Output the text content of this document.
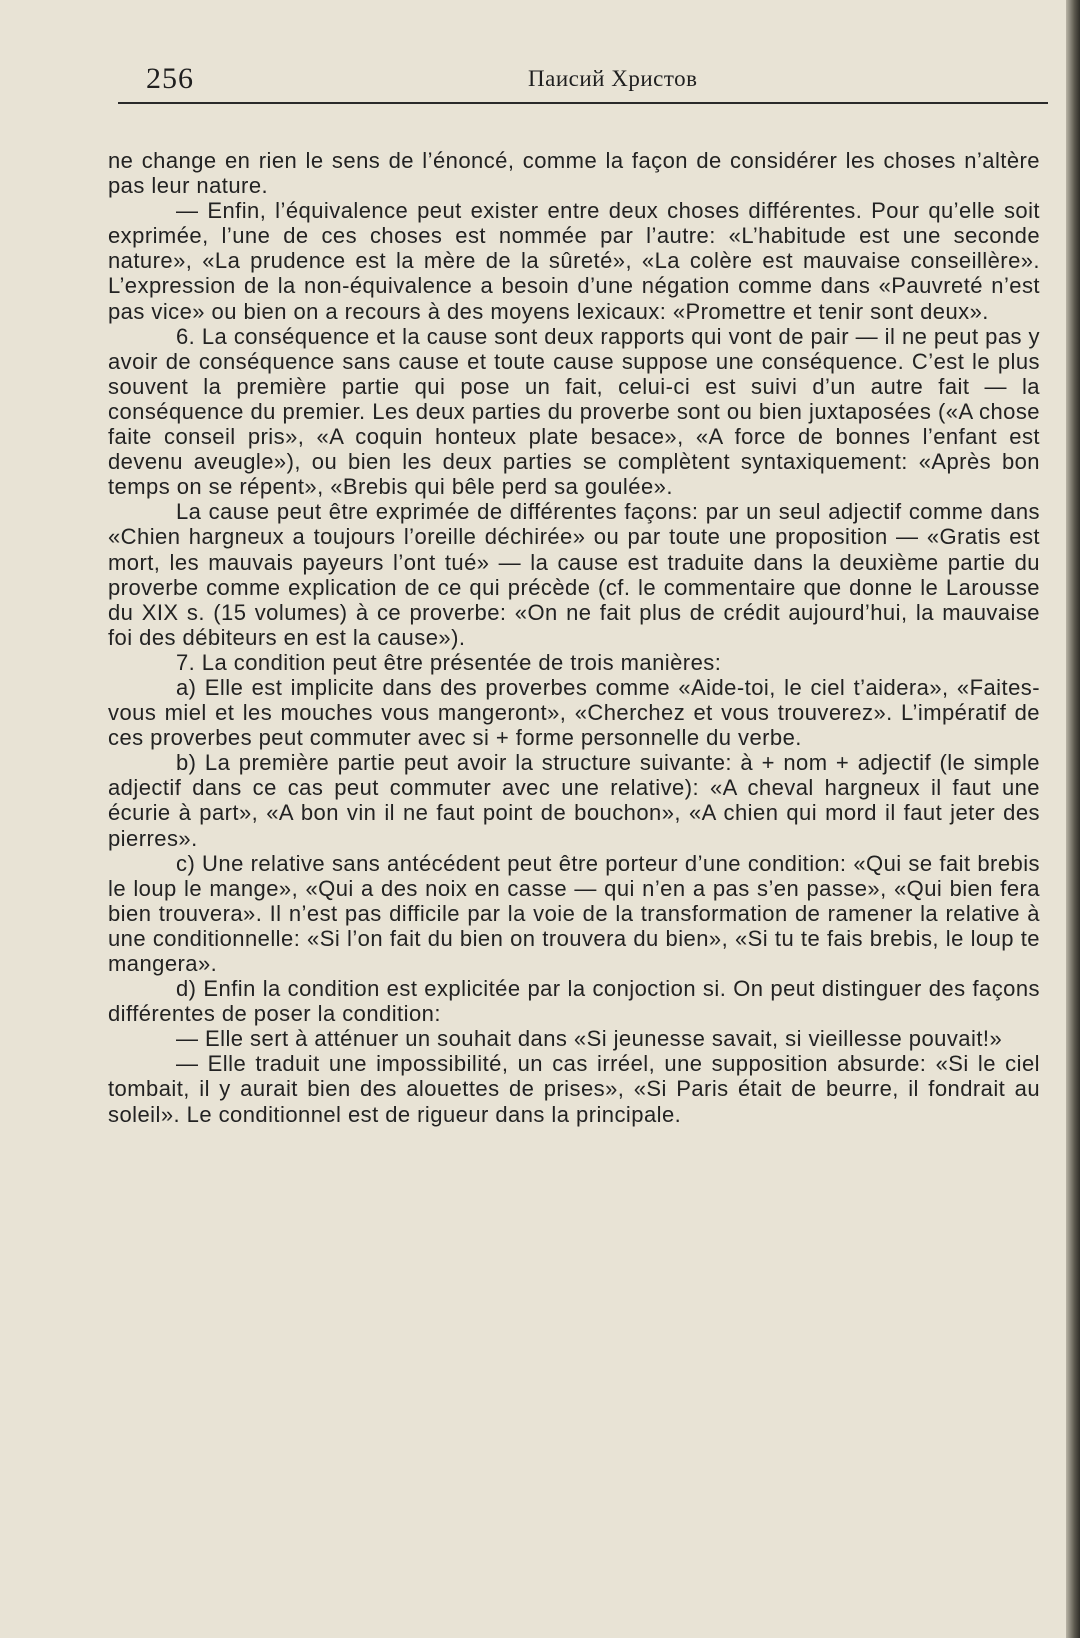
256	Паисий Христов

ne change en rien le sens de l’énoncé, comme la façon de considérer les choses n’altère pas leur nature.

— Enfin, l’équivalence peut exister entre deux choses différentes. Pour qu’elle soit exprimée, l’une de ces choses est nommée par l’autre: «L’habitude est une seconde nature», «La prudence est la mère de la sûreté», «La colère est mauvaise conseillère». L’expression de la non-équivalence a besoin d’une négation comme dans «Pauvreté n’est pas vice» ou bien on a recours à des moyens lexicaux: «Promettre et tenir sont deux».

6. La conséquence et la cause sont deux rapports qui vont de pair — il ne peut pas y avoir de conséquence sans cause et toute cause suppose une conséquence. C’est le plus souvent la première partie qui pose un fait, celui-ci est suivi d’un autre fait — la conséquence du premier. Les deux parties du proverbe sont ou bien juxtaposées («A chose faite conseil pris», «A coquin honteux plate besace», «A force de bonnes l’enfant est devenu aveugle»), ou bien les deux parties se complètent syntaxiquement: «Après bon temps on se répent», «Brebis qui bêle perd sa goulée».

La cause peut être exprimée de différentes façons: par un seul adjectif comme dans «Chien hargneux a toujours l’oreille déchirée» ou par toute une proposition — «Gratis est mort, les mauvais payeurs l’ont tué» — la cause est traduite dans la deuxième partie du proverbe comme explication de ce qui précède (cf. le commentaire que donne le Larousse du XIX s. (15 volumes) à ce proverbe: «On ne fait plus de crédit aujourd’hui, la mauvaise foi des débiteurs en est la cause»).

7. La condition peut être présentée de trois manières:

a) Elle est implicite dans des proverbes comme «Aide-toi, le ciel t’aidera», «Faites-vous miel et les mouches vous mangeront», «Cherchez et vous trouverez». L’impératif de ces proverbes peut commuter avec si + forme personnelle du verbe.

b) La première partie peut avoir la structure suivante: à + nom + adjectif (le simple adjectif dans ce cas peut commuter avec une relative): «A cheval hargneux il faut une écurie à part», «A bon vin il ne faut point de bouchon», «A chien qui mord il faut jeter des pierres».

c) Une relative sans antécédent peut être porteur d’une condition: «Qui se fait brebis le loup le mange», «Qui a des noix en casse — qui n’en a pas s’en passe», «Qui bien fera bien trouvera». Il n’est pas difficile par la voie de la transformation de ramener la relative à une conditionnelle: «Si l’on fait du bien on trouvera du bien», «Si tu te fais brebis, le loup te mangera».

d) Enfin la condition est explicitée par la conjoction si. On peut distinguer des façons différentes de poser la condition:

— Elle sert à atténuer un souhait dans «Si jeunesse savait, si vieillesse pouvait!»

— Elle traduit une impossibilité, un cas irréel, une supposition absurde: «Si le ciel tombait, il y aurait bien des alouettes de prises», «Si Paris était de beurre, il fondrait au soleil». Le conditionnel est de rigueur dans la principale.
